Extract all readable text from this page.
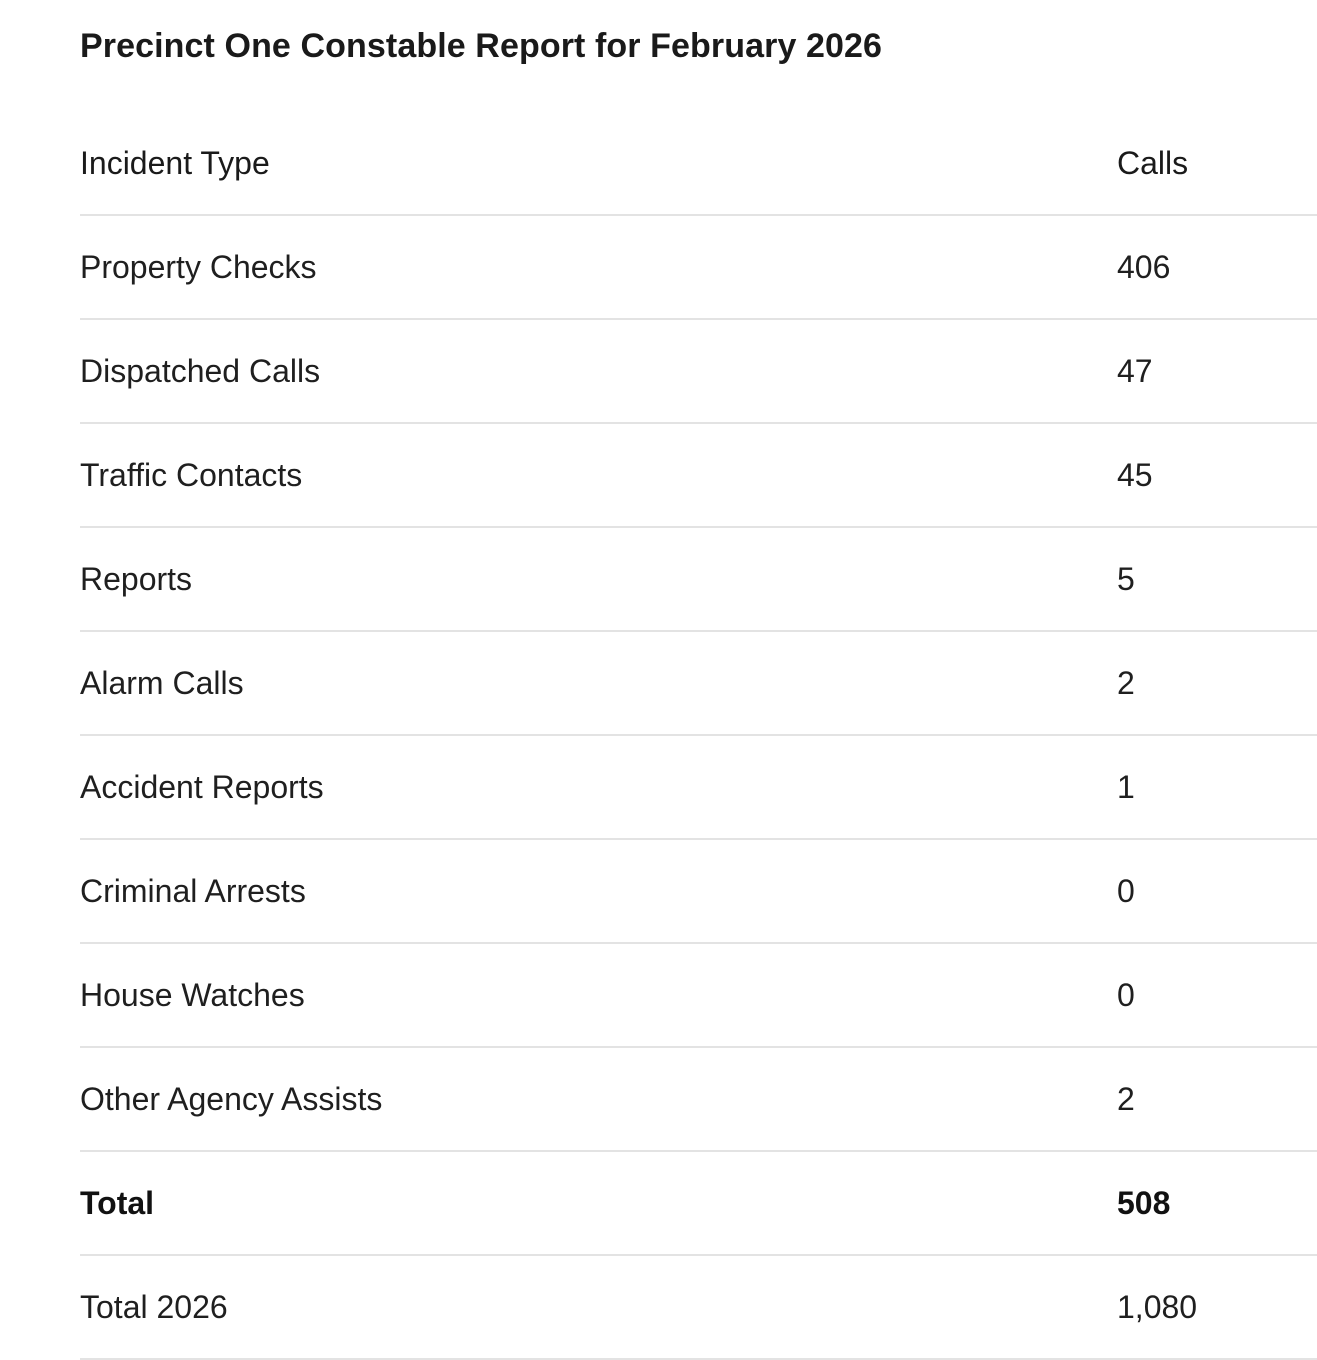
Precinct One Constable Report for February 2026
Incident Type	Calls
Property Checks	406
Dispatched Calls	47
Traffic Contacts	45
Reports	5
Alarm Calls	2
Accident Reports	1
Criminal Arrests	0
House Watches	0
Other Agency Assists	2
Total	508
Total 2026	1,080
